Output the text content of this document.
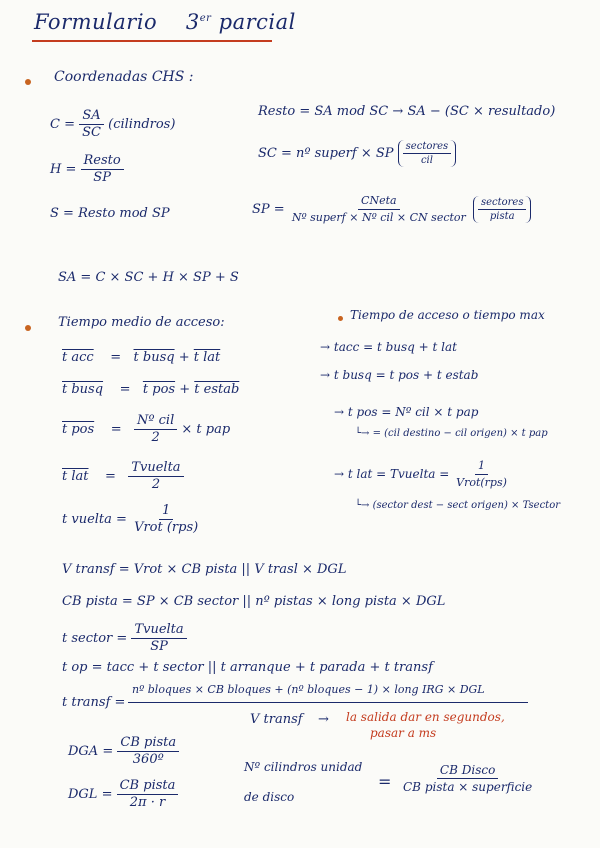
Formulario 3er parcial
Coordenadas CHS :
$C = \frac{SA}{SC}$ (cilindros)
$H = \frac{\text{Resto}}{SP}$
S = Resto mod SP
Resto = SA mod SC → SA − (SC × resultado)
SC = nº superf × SP $\frac{\text{sectores}}{\text{cil}}$
SP = $\frac{\text{CNeta}}{\text{Nº superf × Nº cil × CN sector}}$
$\frac{\text{sectores}}{\text{pista}}$
SA = C × SC + H × SP + S
Tiempo medio de acceso:
t acc = t busq + t lat
t busq = t pos + t estab
t pos = $\frac{\text{Nº cil}}{2} \times t$ pap
t lat = $\frac{\text{Tvuelta}}{2}$
t vuelta = $\frac{1}{\text{Vrot (rps)}}$
Tiempo de acceso o tiempo max
→ tacc = t busq + t lat
→ t busq = t pos + t estab
→ t pos = Nº cil × t pap
└→ = (cil destino − cil origen) × t pap
→ t lat = Tvuelta = $\frac{1}{\text{Vrot(rps)}}$
└→ (sector dest − sect origen) × Tsector
V transf = Vrot × CB pista || V trasl × DGL
CB pista = SP × CB sector || nº pistas × long pista × DGL
t sector = $\frac{\text{Tvuelta}}{SP}$
t op = tacc + t sector || t arranque + t parada + t transf
t transf =
nº bloques × CB bloques + (nº bloques − 1) × long IRG × DGL
V transf → la salida dar en segundos,
pasar a ms
DGA = $\frac{\text{CB pista}}{\text{360º}}$
DGL = $\frac{\text{CB pista}}{2\pi \cdot r}$
Nº cilindros unidad
de disco
= $\frac{\text{CB Disco}}{\text{CB pista × superficie}}$
